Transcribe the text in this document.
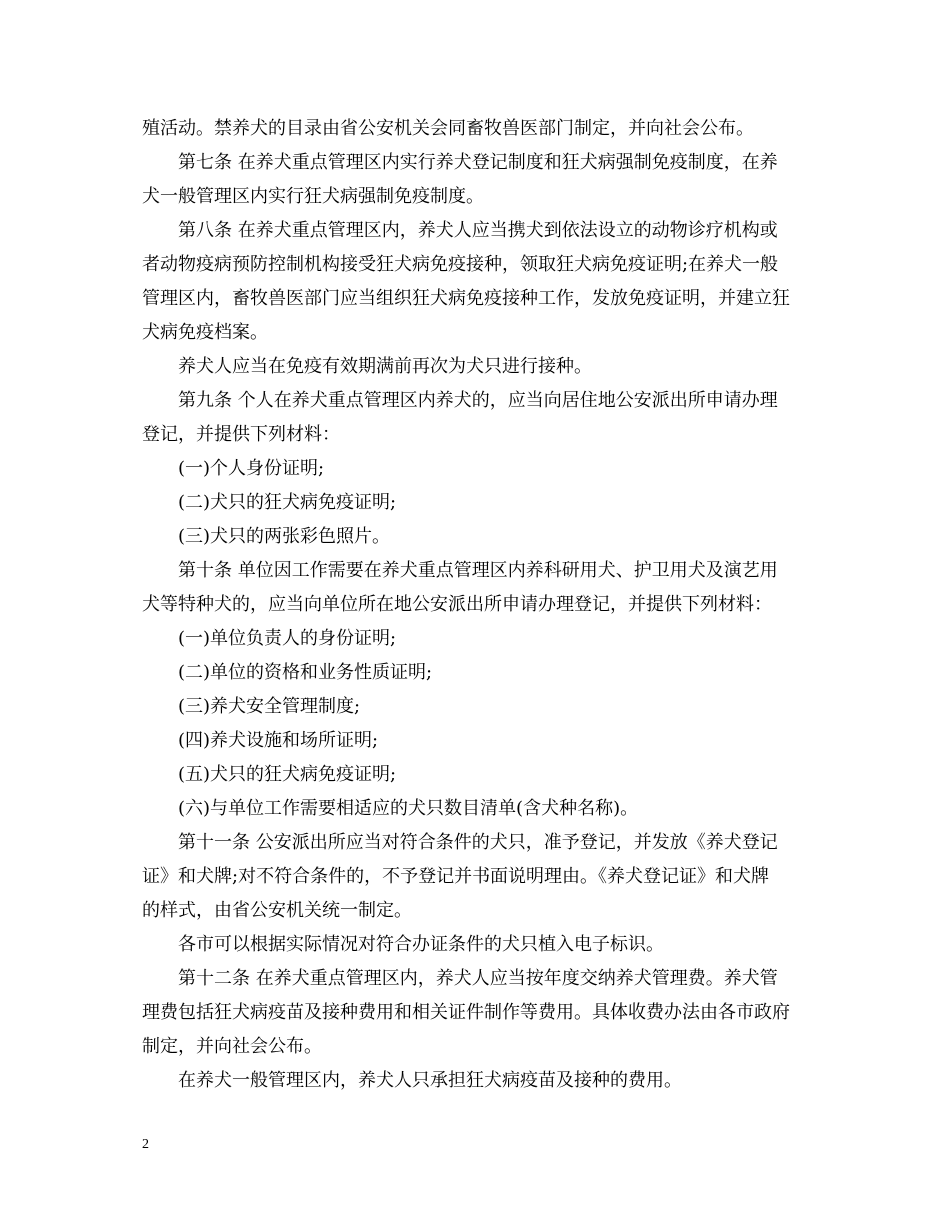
殖活动。禁养犬的目录由省公安机关会同畜牧兽医部门制定，并向社会公布。
第七条 在养犬重点管理区内实行养犬登记制度和狂犬病强制免疫制度，在养
犬一般管理区内实行狂犬病强制免疫制度。
第八条 在养犬重点管理区内，养犬人应当携犬到依法设立的动物诊疗机构或
者动物疫病预防控制机构接受狂犬病免疫接种，领取狂犬病免疫证明;在养犬一般
管理区内，畜牧兽医部门应当组织狂犬病免疫接种工作，发放免疫证明，并建立狂
犬病免疫档案。
养犬人应当在免疫有效期满前再次为犬只进行接种。
第九条 个人在养犬重点管理区内养犬的，应当向居住地公安派出所申请办理
登记，并提供下列材料：
(一)个人身份证明;
(二)犬只的狂犬病免疫证明;
(三)犬只的两张彩色照片。
第十条 单位因工作需要在养犬重点管理区内养科研用犬、护卫用犬及演艺用
犬等特种犬的，应当向单位所在地公安派出所申请办理登记，并提供下列材料：
(一)单位负责人的身份证明;
(二)单位的资格和业务性质证明;
(三)养犬安全管理制度;
(四)养犬设施和场所证明;
(五)犬只的狂犬病免疫证明;
(六)与单位工作需要相适应的犬只数目清单(含犬种名称)。
第十一条 公安派出所应当对符合条件的犬只，准予登记，并发放《养犬登记
证》和犬牌;对不符合条件的，不予登记并书面说明理由。《养犬登记证》和犬牌
的样式，由省公安机关统一制定。
各市可以根据实际情况对符合办证条件的犬只植入电子标识。
第十二条 在养犬重点管理区内，养犬人应当按年度交纳养犬管理费。养犬管
理费包括狂犬病疫苗及接种费用和相关证件制作等费用。具体收费办法由各市政府
制定，并向社会公布。
在养犬一般管理区内，养犬人只承担狂犬病疫苗及接种的费用。
2
